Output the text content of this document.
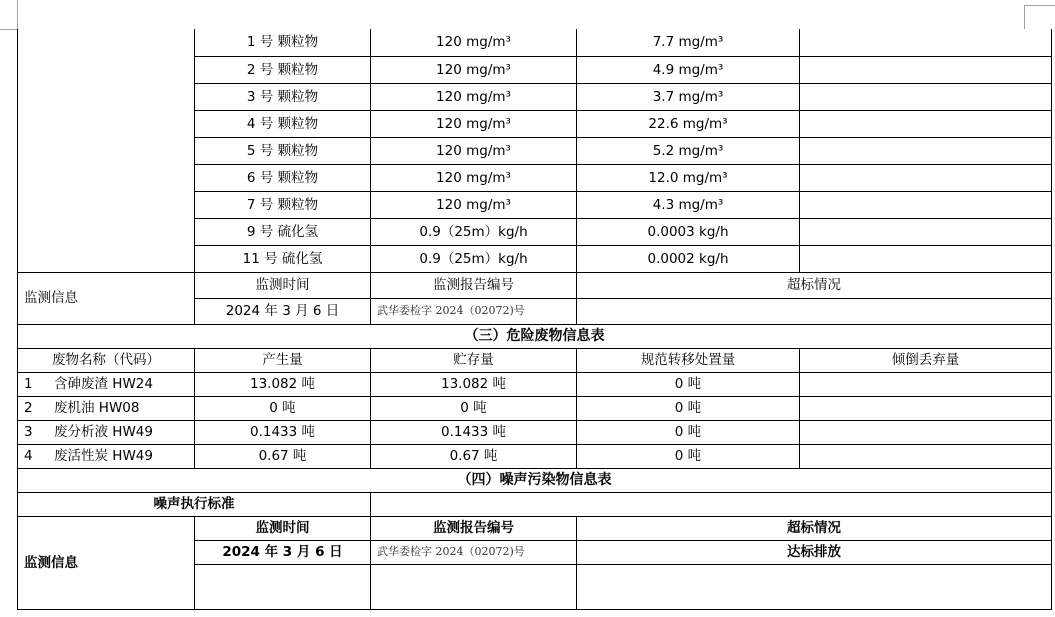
	1 号 颗粒物	120 mg/m³	7.7 mg/m³	
	2 号 颗粒物	120 mg/m³	4.9 mg/m³	
	3 号 颗粒物	120 mg/m³	3.7 mg/m³	
	4 号 颗粒物	120 mg/m³	22.6 mg/m³	
	5 号 颗粒物	120 mg/m³	5.2 mg/m³	
	6 号 颗粒物	120 mg/m³	12.0 mg/m³	
	7 号 颗粒物	120 mg/m³	4.3 mg/m³	
	9 号 硫化氢	0.9（25m）kg/h	0.0003 kg/h	
	11 号 硫化氢	0.9（25m）kg/h	0.0002 kg/h	
监测信息	监测时间	监测报告编号	超标情况	
	2024 年 3 月 6 日	武华委检字 2024（02072)号		
（三）危险废物信息表				
废物名称（代码）	产生量	贮存量	规范转移处置量	倾倒丢弃量
1 含砷废渣 HW24	13.082 吨	13.082 吨	0 吨	
2 废机油 HW08	0 吨	0 吨	0 吨	
3 废分析液 HW49	0.1433 吨	0.1433 吨	0 吨	
4 废活性炭 HW49	0.67 吨	0.67 吨	0 吨	
（四）噪声污染物信息表				
噪声执行标准				
监测信息	监测时间	监测报告编号	超标情况	
	2024 年 3 月 6 日	武华委检字 2024（02072)号	达标排放	
